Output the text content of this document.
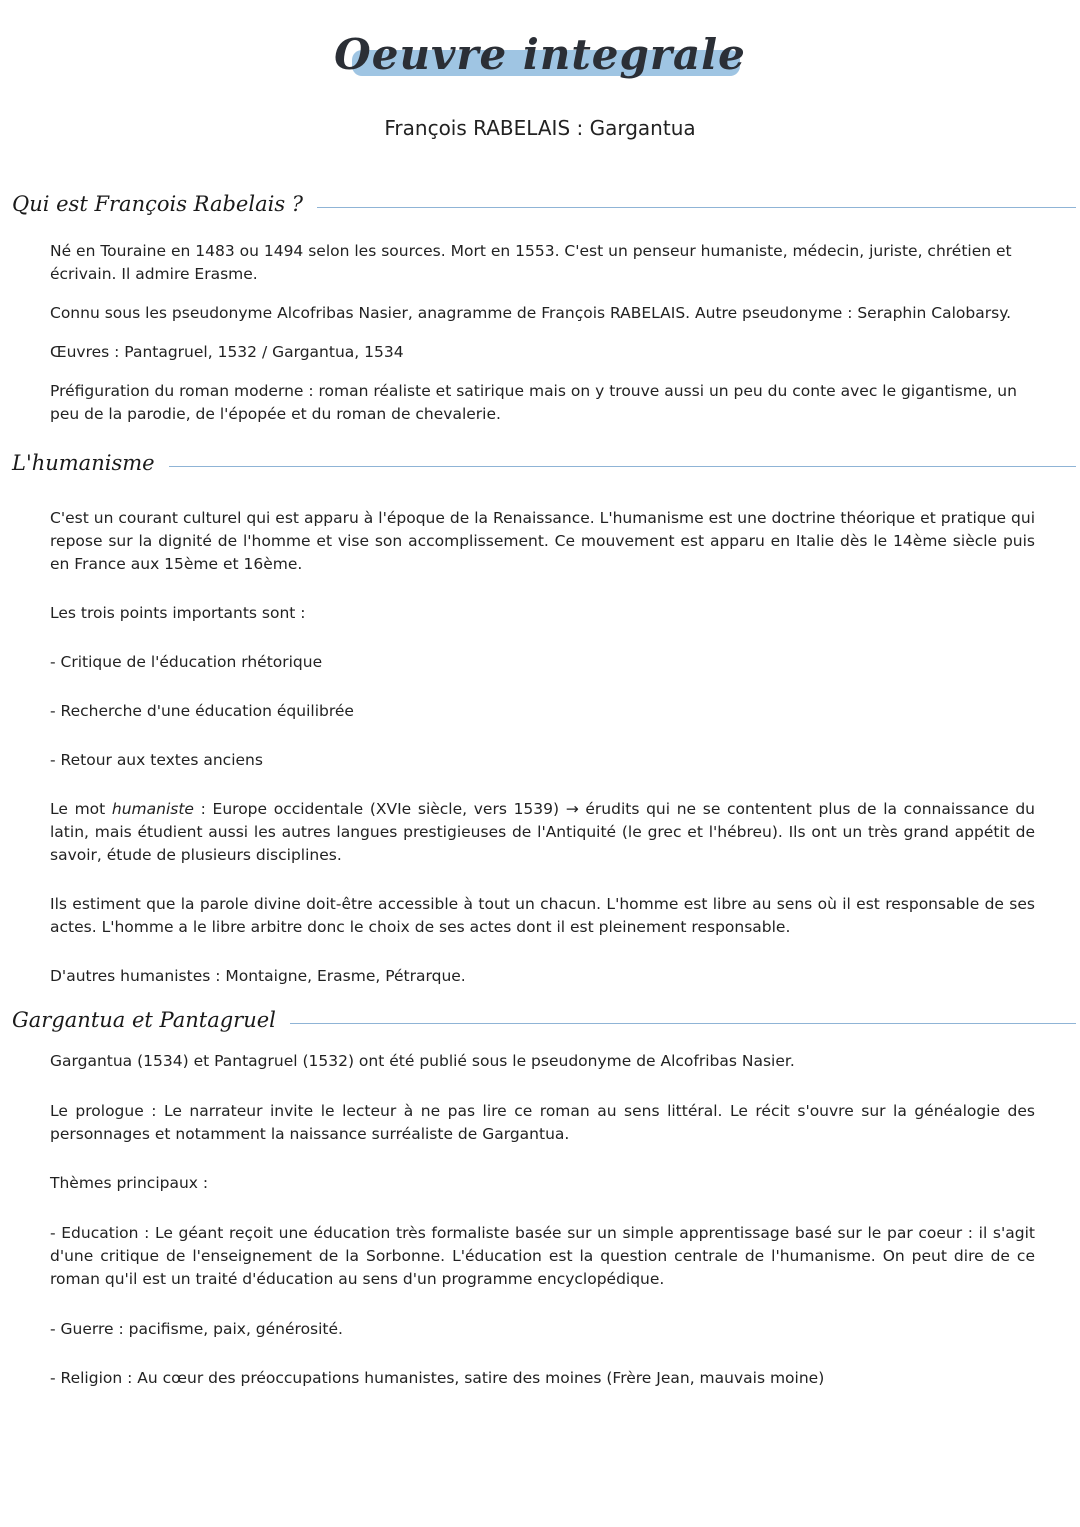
Oeuvre integrale
François RABELAIS : Gargantua
Qui est François Rabelais ?

Né en Touraine en 1483 ou 1494 selon les sources. Mort en 1553. C'est un penseur humaniste, médecin, juriste, chrétien et écrivain. Il admire Erasme.

Connu sous les pseudonyme Alcofribas Nasier, anagramme de François RABELAIS. Autre pseudonyme : Seraphin Calobarsy.

Œuvres : Pantagruel, 1532 / Gargantua, 1534

Préfiguration du roman moderne : roman réaliste et satirique mais on y trouve aussi un peu du conte avec le gigantisme, un peu de la parodie, de l'épopée et du roman de chevalerie.

L'humanisme

C'est un courant culturel qui est apparu à l'époque de la Renaissance. L'humanisme est une doctrine théorique et pratique qui repose sur la dignité de l'homme et vise son accomplissement. Ce mouvement est apparu en Italie dès le 14ème siècle puis en France aux 15ème et 16ème.

Les trois points importants sont :

- Critique de l'éducation rhétorique

- Recherche d'une éducation équilibrée

- Retour aux textes anciens

Le mot humaniste : Europe occidentale (XVIe siècle, vers 1539) → érudits qui ne se contentent plus de la connaissance du latin, mais étudient aussi les autres langues prestigieuses de l'Antiquité (le grec et l'hébreu). Ils ont un très grand appétit de savoir, étude de plusieurs disciplines.

Ils estiment que la parole divine doit-être accessible à tout un chacun. L'homme est libre au sens où il est responsable de ses actes. L'homme a le libre arbitre donc le choix de ses actes dont il est pleinement responsable.

D'autres humanistes : Montaigne, Erasme, Pétrarque.

Gargantua et Pantagruel

Gargantua (1534) et Pantagruel (1532) ont été publié sous le pseudonyme de Alcofribas Nasier.

Le prologue : Le narrateur invite le lecteur à ne pas lire ce roman au sens littéral. Le récit s'ouvre sur la généalogie des personnages et notamment la naissance surréaliste de Gargantua.

Thèmes principaux :

- Education : Le géant reçoit une éducation très formaliste basée sur un simple apprentissage basé sur le par coeur : il s'agit d'une critique de l'enseignement de la Sorbonne. L'éducation est la question centrale de l'humanisme. On peut dire de ce roman qu'il est un traité d'éducation au sens d'un programme encyclopédique.

- Guerre : pacifisme, paix, générosité.

- Religion : Au cœur des préoccupations humanistes, satire des moines (Frère Jean, mauvais moine)
